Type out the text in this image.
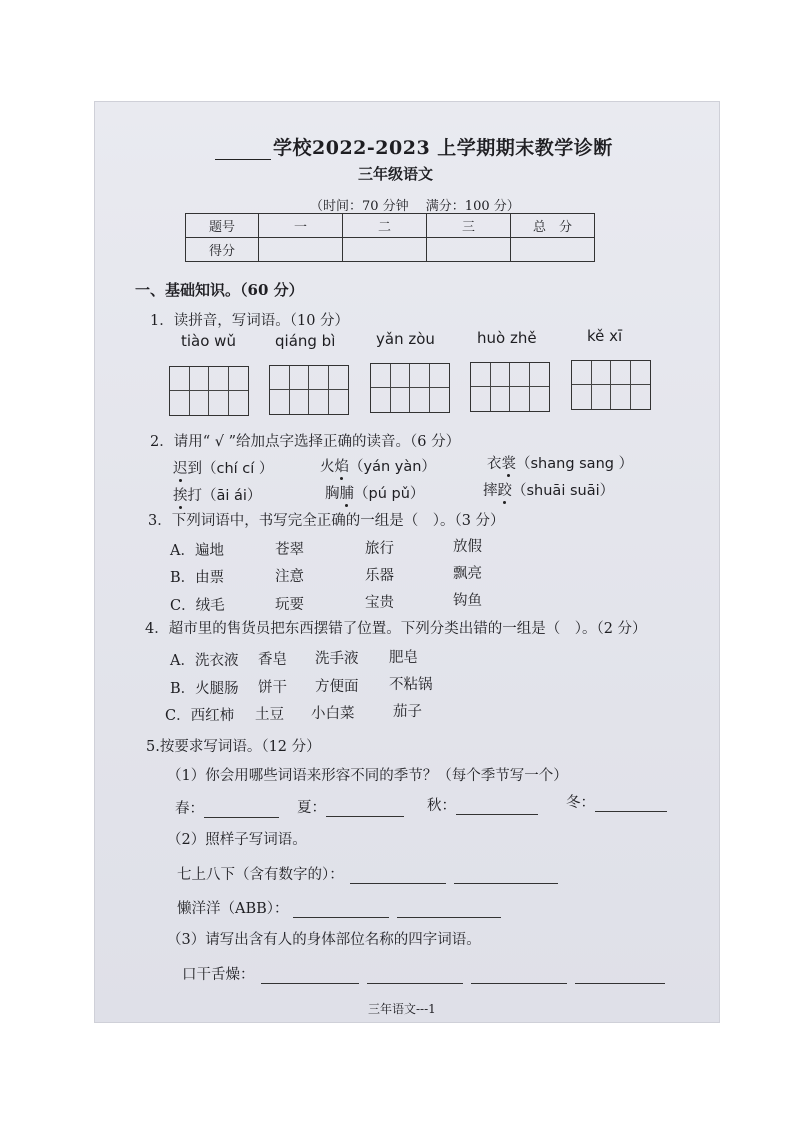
学校2022-2023 上学期期末教学诊断
三年级语文
（时间：70 分钟　 满分：100 分）
题号	一	二	三	总　分
得分				
一、基础知识。（60 分）
1．读拼音，写词语。（10 分）
tiào wǔ	qiáng bì	yǎn zòu	huò zhě	kě xī
2．请用“ √ ”给加点字选择正确的读音。（6 分）
迟到（chí cí ）	火焰（yán yàn）	衣裳（shang sang ）
挨打（āi ái）	胸脯（pú pǔ）	摔跤（shuāi suāi）
3．下列词语中，书写完全正确的一组是（　）。（3 分）
A．遍地	苍翠	旅行	放假
B．由票	注意	乐器	飘亮
C．绒毛	玩要	宝贵	钩鱼
4．超市里的售货员把东西摆错了位置。下列分类出错的一组是（　）。（2 分）
A．洗衣液 香皂 洗手液 肥皂
B．火腿肠 饼干 方便面 不粘锅
C．西红柿 土豆 小白菜	茄子
5.按要求写词语。（12 分）
（1）你会用哪些词语来形容不同的季节？（每个季节写一个）
春：	夏：	秋：	冬：
（2）照样子写词语。
七上八下（含有数字的）：
懒洋洋（ABB）：
（3）请写出含有人的身体部位名称的四字词语。
口干舌燥：
三年语文---1
